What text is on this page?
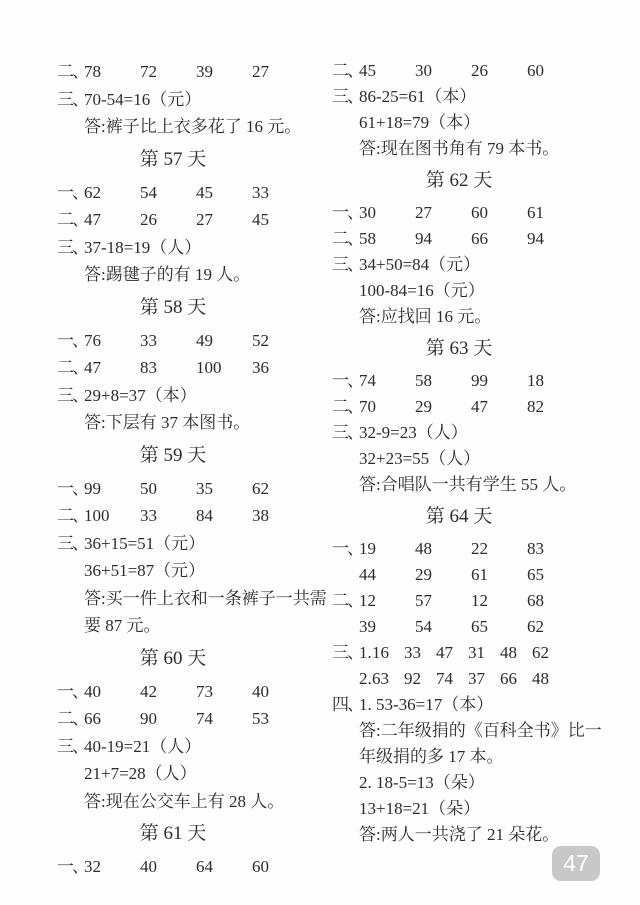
二、
78	72	39	27
三、
70-54=16（元）
答:裤子比上衣多花了 16 元。
第 57 天
一、
62	54	45	33
二、
47	26	27	45
三、
37-18=19（人）
答:踢毽子的有 19 人。
第 58 天
一、
76	33	49	52
二、
47	83	100	36
三、
29+8=37（本）
答:下层有 37 本图书。
第 59 天
一、
99	50	35	62
二、
100	33	84	38
三、
36+15=51（元）
36+51=87（元）
答:买一件上衣和一条裤子一共需
要 87 元。
第 60 天
一、
40	42	73	40
二、
66	90	74	53
三、
40-19=21（人）
21+7=28（人）
答:现在公交车上有 28 人。
第 61 天
一、
32	40	64	60
二、
45	30	26	60
三、
86-25=61（本）
61+18=79（本）
答:现在图书角有 79 本书。
第 62 天
一、
30	27	60	61
二、
58	94	66	94
三、
34+50=84（元）
100-84=16（元）
答:应找回 16 元。
第 63 天
一、
74	58	99	18
二、
70	29	47	82
三、
32-9=23（人）
32+23=55（人）
答:合唱队一共有学生 55 人。
第 64 天
一、
19	48	22	83
44	29	61	65
二、
12	57	12	68
39	54	65	62
三、
1. 16 33 47 31 48 62
2. 63 92 74 37 66 48
四、
1. 53-36=17（本）
答:二年级捐的《百科全书》比一
年级捐的多 17 本。
2. 18-5=13（朵）
13+18=21（朵）
答:两人一共浇了 21 朵花。
47
